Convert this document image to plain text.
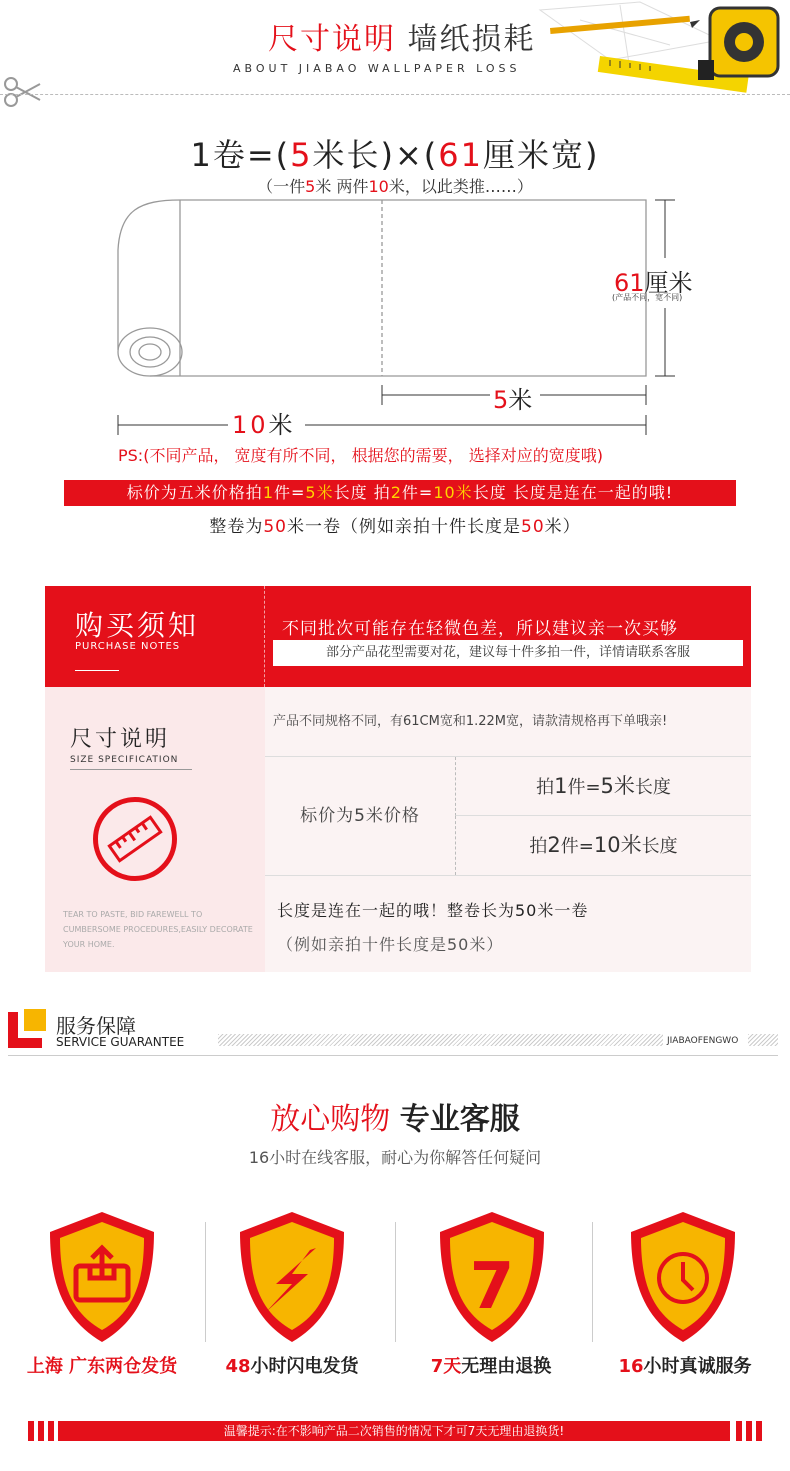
尺寸说明 墙纸损耗
ABOUT JIABAO WALLPAPER LOSS
1卷=(5米长)×(61厘米宽)
（一件5米 两件10米，以此类推……）
61厘米
(产品不同，宽不同)
5米
10米
PS:(不同产品， 宽度有所不同， 根据您的需要， 选择对应的宽度哦)
标价为五米价格拍1件=5米长度 拍2件=10米长度 长度是连在一起的哦!
整卷为50米一卷（例如亲拍十件长度是50米）
购买须知
PURCHASE NOTES
不同批次可能存在轻微色差，所以建议亲一次买够
部分产品花型需要对花，建议每十件多拍一件，详情请联系客服
尺寸说明
SIZE SPECIFICATION
TEAR TO PASTE, BID FAREWELL TO CUMBERSOME PROCEDURES,EASILY DECORATE YOUR HOME.
产品不同规格不同，有61CM宽和1.22M宽，请款清规格再下单哦亲!
标价为5米价格
拍1件=5米长度
拍2件=10米长度
长度是连在一起的哦！整卷长为50米一卷
（例如亲拍十件长度是50米）
服务保障
SERVICE GUARANTEE	JIABAOFENGWO
放心购物 专业客服
16小时在线客服，耐心为你解答任何疑问
7
上海 广东两仓发货	48小时闪电发货	7天无理由退换	16小时真诚服务
温馨提示:在不影响产品二次销售的情况下才可7天无理由退换货!
